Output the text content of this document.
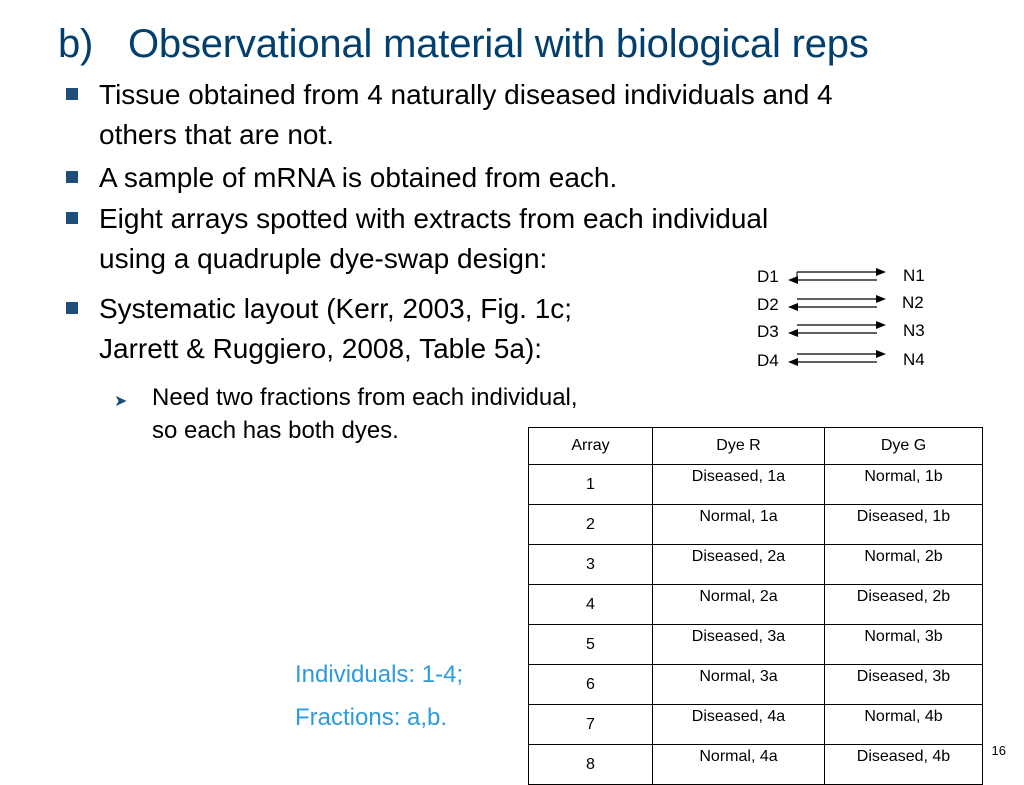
b) Observational material with biological reps
Tissue obtained from 4 naturally diseased individuals and 4
others that are not.
A sample of mRNA is obtained from each.
Eight arrays spotted with extracts from each individual
using a quadruple dye-swap design:
Systematic layout (Kerr, 2003, Fig. 1c;
Jarrett & Ruggiero, 2008, Table 5a):
➤ Need two fractions from each individual,
so each has both dyes.
D1
D2
D3
D4
N1
N2
N3
N4
Array	Dye R	Dye G
1	Diseased, 1a	Normal, 1b
2	Normal, 1a	Diseased, 1b
3	Diseased, 2a	Normal, 2b
4	Normal, 2a	Diseased, 2b
5	Diseased, 3a	Normal, 3b
6	Normal, 3a	Diseased, 3b
7	Diseased, 4a	Normal, 4b
8	Normal, 4a	Diseased, 4b
Individuals: 1-4;
Fractions: a,b.
16
